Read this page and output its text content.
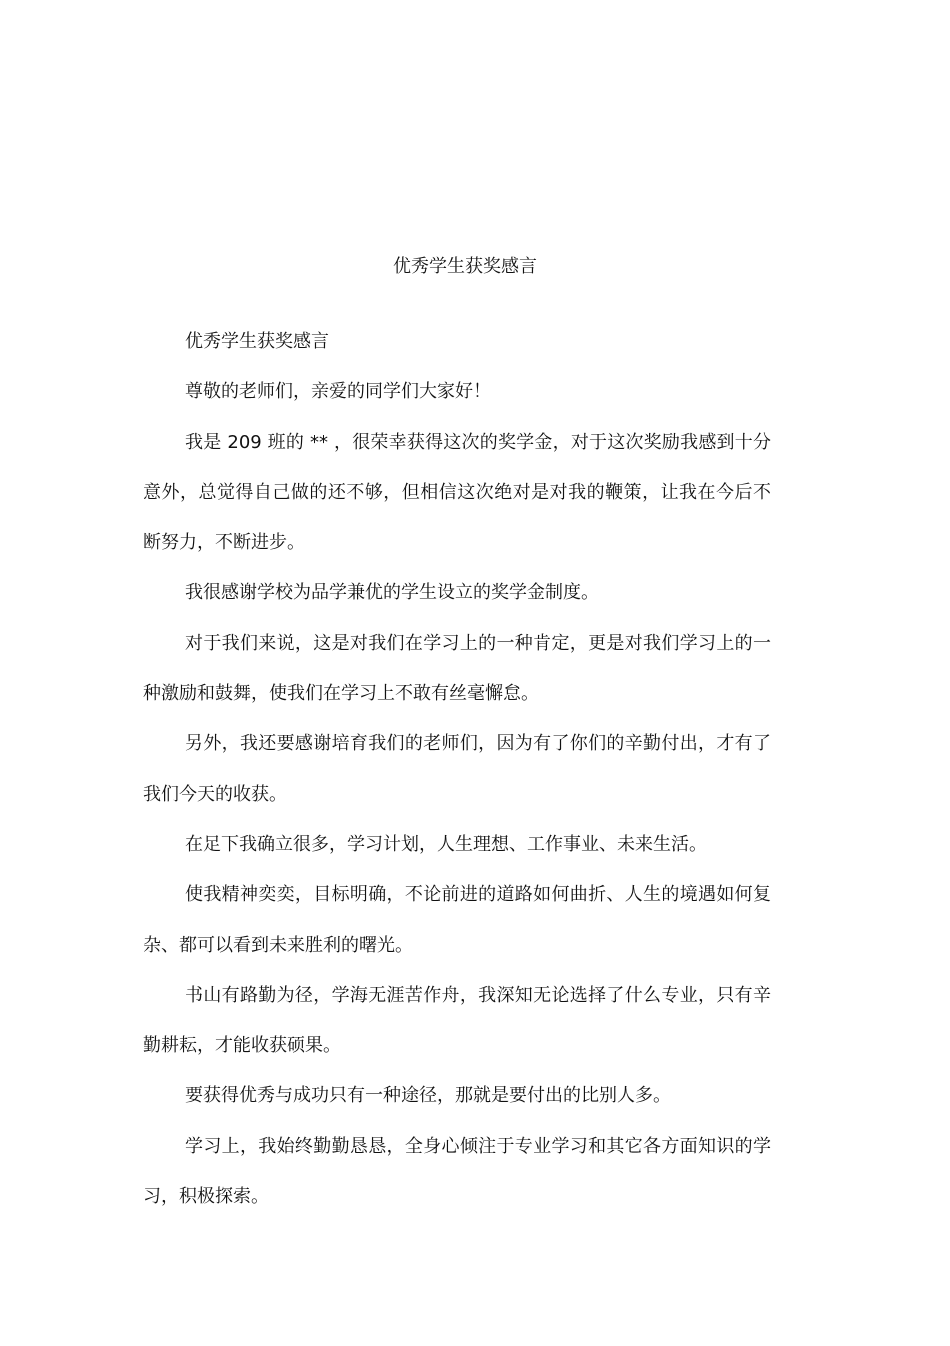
优秀学生获奖感言

优秀学生获奖感言

尊敬的老师们，亲爱的同学们大家好！

我是 209 班的 ** ，很荣幸获得这次的奖学金，对于这次奖励我感到十分意外，总觉得自己做的还不够，但相信这次绝对是对我的鞭策，让我在今后不断努力，不断进步。

我很感谢学校为品学兼优的学生设立的奖学金制度。

对于我们来说，这是对我们在学习上的一种肯定，更是对我们学习上的一种激励和鼓舞，使我们在学习上不敢有丝毫懈怠。

另外，我还要感谢培育我们的老师们，因为有了你们的辛勤付出，才有了我们今天的收获。

在足下我确立很多，学习计划，人生理想、工作事业、未来生活。

使我精神奕奕，目标明确，不论前进的道路如何曲折、人生的境遇如何复杂、都可以看到未来胜利的曙光。

书山有路勤为径，学海无涯苦作舟，我深知无论选择了什么专业，只有辛勤耕耘，才能收获硕果。

要获得优秀与成功只有一种途径，那就是要付出的比别人多。

学习上，我始终勤勤恳恳，全身心倾注于专业学习和其它各方面知识的学习，积极探索。
